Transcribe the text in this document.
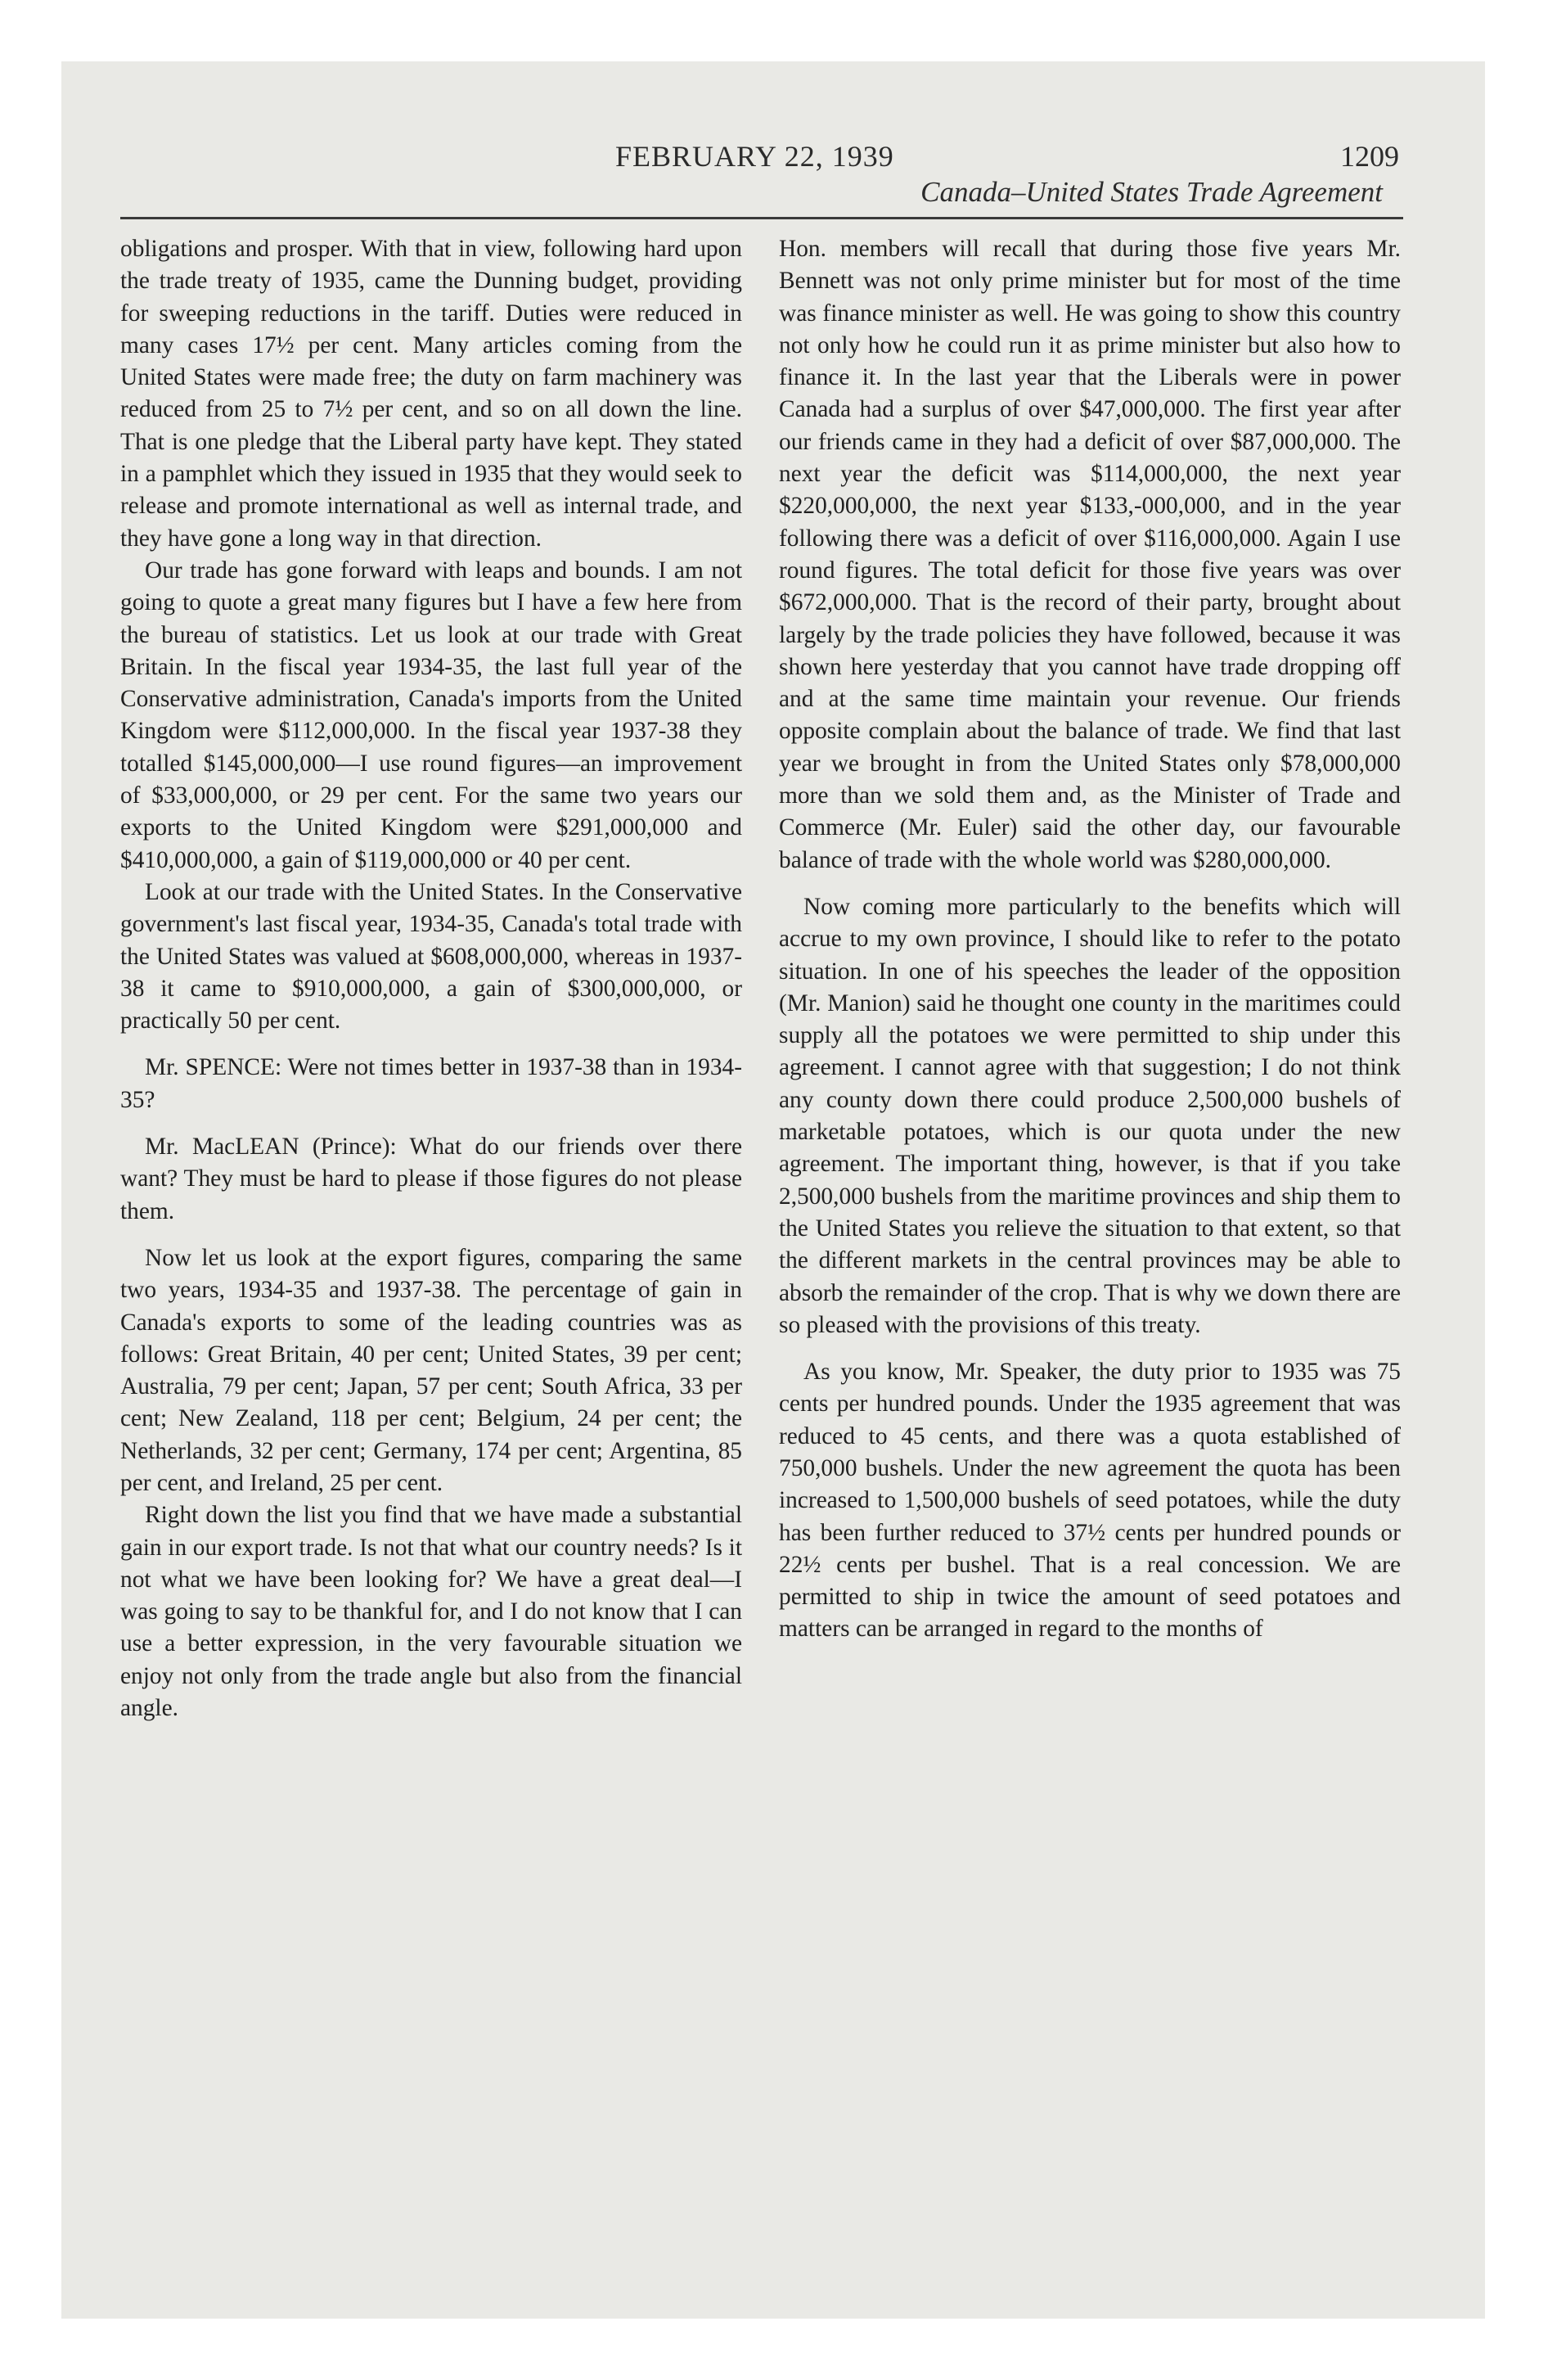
FEBRUARY 22, 1939	1209
Canada–United States Trade Agreement

obligations and prosper. With that in view, following hard upon the trade treaty of 1935, came the Dunning budget, providing for sweeping reductions in the tariff. Duties were reduced in many cases 17½ per cent. Many articles coming from the United States were made free; the duty on farm machinery was reduced from 25 to 7½ per cent, and so on all down the line. That is one pledge that the Liberal party have kept. They stated in a pamphlet which they issued in 1935 that they would seek to release and promote international as well as internal trade, and they have gone a long way in that direction.

Our trade has gone forward with leaps and bounds. I am not going to quote a great many figures but I have a few here from the bureau of statistics. Let us look at our trade with Great Britain. In the fiscal year 1934-35, the last full year of the Conservative administration, Canada's imports from the United Kingdom were $112,000,000. In the fiscal year 1937-38 they totalled $145,000,000—I use round figures—an improvement of $33,000,000, or 29 per cent. For the same two years our exports to the United Kingdom were $291,000,000 and $410,000,000, a gain of $119,000,000 or 40 per cent.

Look at our trade with the United States. In the Conservative government's last fiscal year, 1934-35, Canada's total trade with the United States was valued at $608,000,000, whereas in 1937-38 it came to $910,000,000, a gain of $300,000,000, or practically 50 per cent.

Mr. SPENCE: Were not times better in 1937-38 than in 1934-35?

Mr. MacLEAN (Prince): What do our friends over there want? They must be hard to please if those figures do not please them.

Now let us look at the export figures, comparing the same two years, 1934-35 and 1937-38. The percentage of gain in Canada's exports to some of the leading countries was as follows: Great Britain, 40 per cent; United States, 39 per cent; Australia, 79 per cent; Japan, 57 per cent; South Africa, 33 per cent; New Zealand, 118 per cent; Belgium, 24 per cent; the Netherlands, 32 per cent; Germany, 174 per cent; Argentina, 85 per cent, and Ireland, 25 per cent.

Right down the list you find that we have made a substantial gain in our export trade. Is not that what our country needs? Is it not what we have been looking for? We have a great deal—I was going to say to be thankful for, and I do not know that I can use a better expression, in the very favourable situation we enjoy not only from the trade angle but also from the financial angle.

Hon. members will recall that during those five years Mr. Bennett was not only prime minister but for most of the time was finance minister as well. He was going to show this country not only how he could run it as prime minister but also how to finance it. In the last year that the Liberals were in power Canada had a surplus of over $47,000,000. The first year after our friends came in they had a deficit of over $87,000,000. The next year the deficit was $114,000,000, the next year $220,000,000, the next year $133,-000,000, and in the year following there was a deficit of over $116,000,000. Again I use round figures. The total deficit for those five years was over $672,000,000. That is the record of their party, brought about largely by the trade policies they have followed, because it was shown here yesterday that you cannot have trade dropping off and at the same time maintain your revenue. Our friends opposite complain about the balance of trade. We find that last year we brought in from the United States only $78,000,000 more than we sold them and, as the Minister of Trade and Commerce (Mr. Euler) said the other day, our favourable balance of trade with the whole world was $280,000,000.

Now coming more particularly to the benefits which will accrue to my own province, I should like to refer to the potato situation. In one of his speeches the leader of the opposition (Mr. Manion) said he thought one county in the maritimes could supply all the potatoes we were permitted to ship under this agreement. I cannot agree with that suggestion; I do not think any county down there could produce 2,500,000 bushels of marketable potatoes, which is our quota under the new agreement. The important thing, however, is that if you take 2,500,000 bushels from the maritime provinces and ship them to the United States you relieve the situation to that extent, so that the different markets in the central provinces may be able to absorb the remainder of the crop. That is why we down there are so pleased with the provisions of this treaty.

As you know, Mr. Speaker, the duty prior to 1935 was 75 cents per hundred pounds. Under the 1935 agreement that was reduced to 45 cents, and there was a quota established of 750,000 bushels. Under the new agreement the quota has been increased to 1,500,000 bushels of seed potatoes, while the duty has been further reduced to 37½ cents per hundred pounds or 22½ cents per bushel. That is a real concession. We are permitted to ship in twice the amount of seed potatoes and matters can be arranged in regard to the months of
